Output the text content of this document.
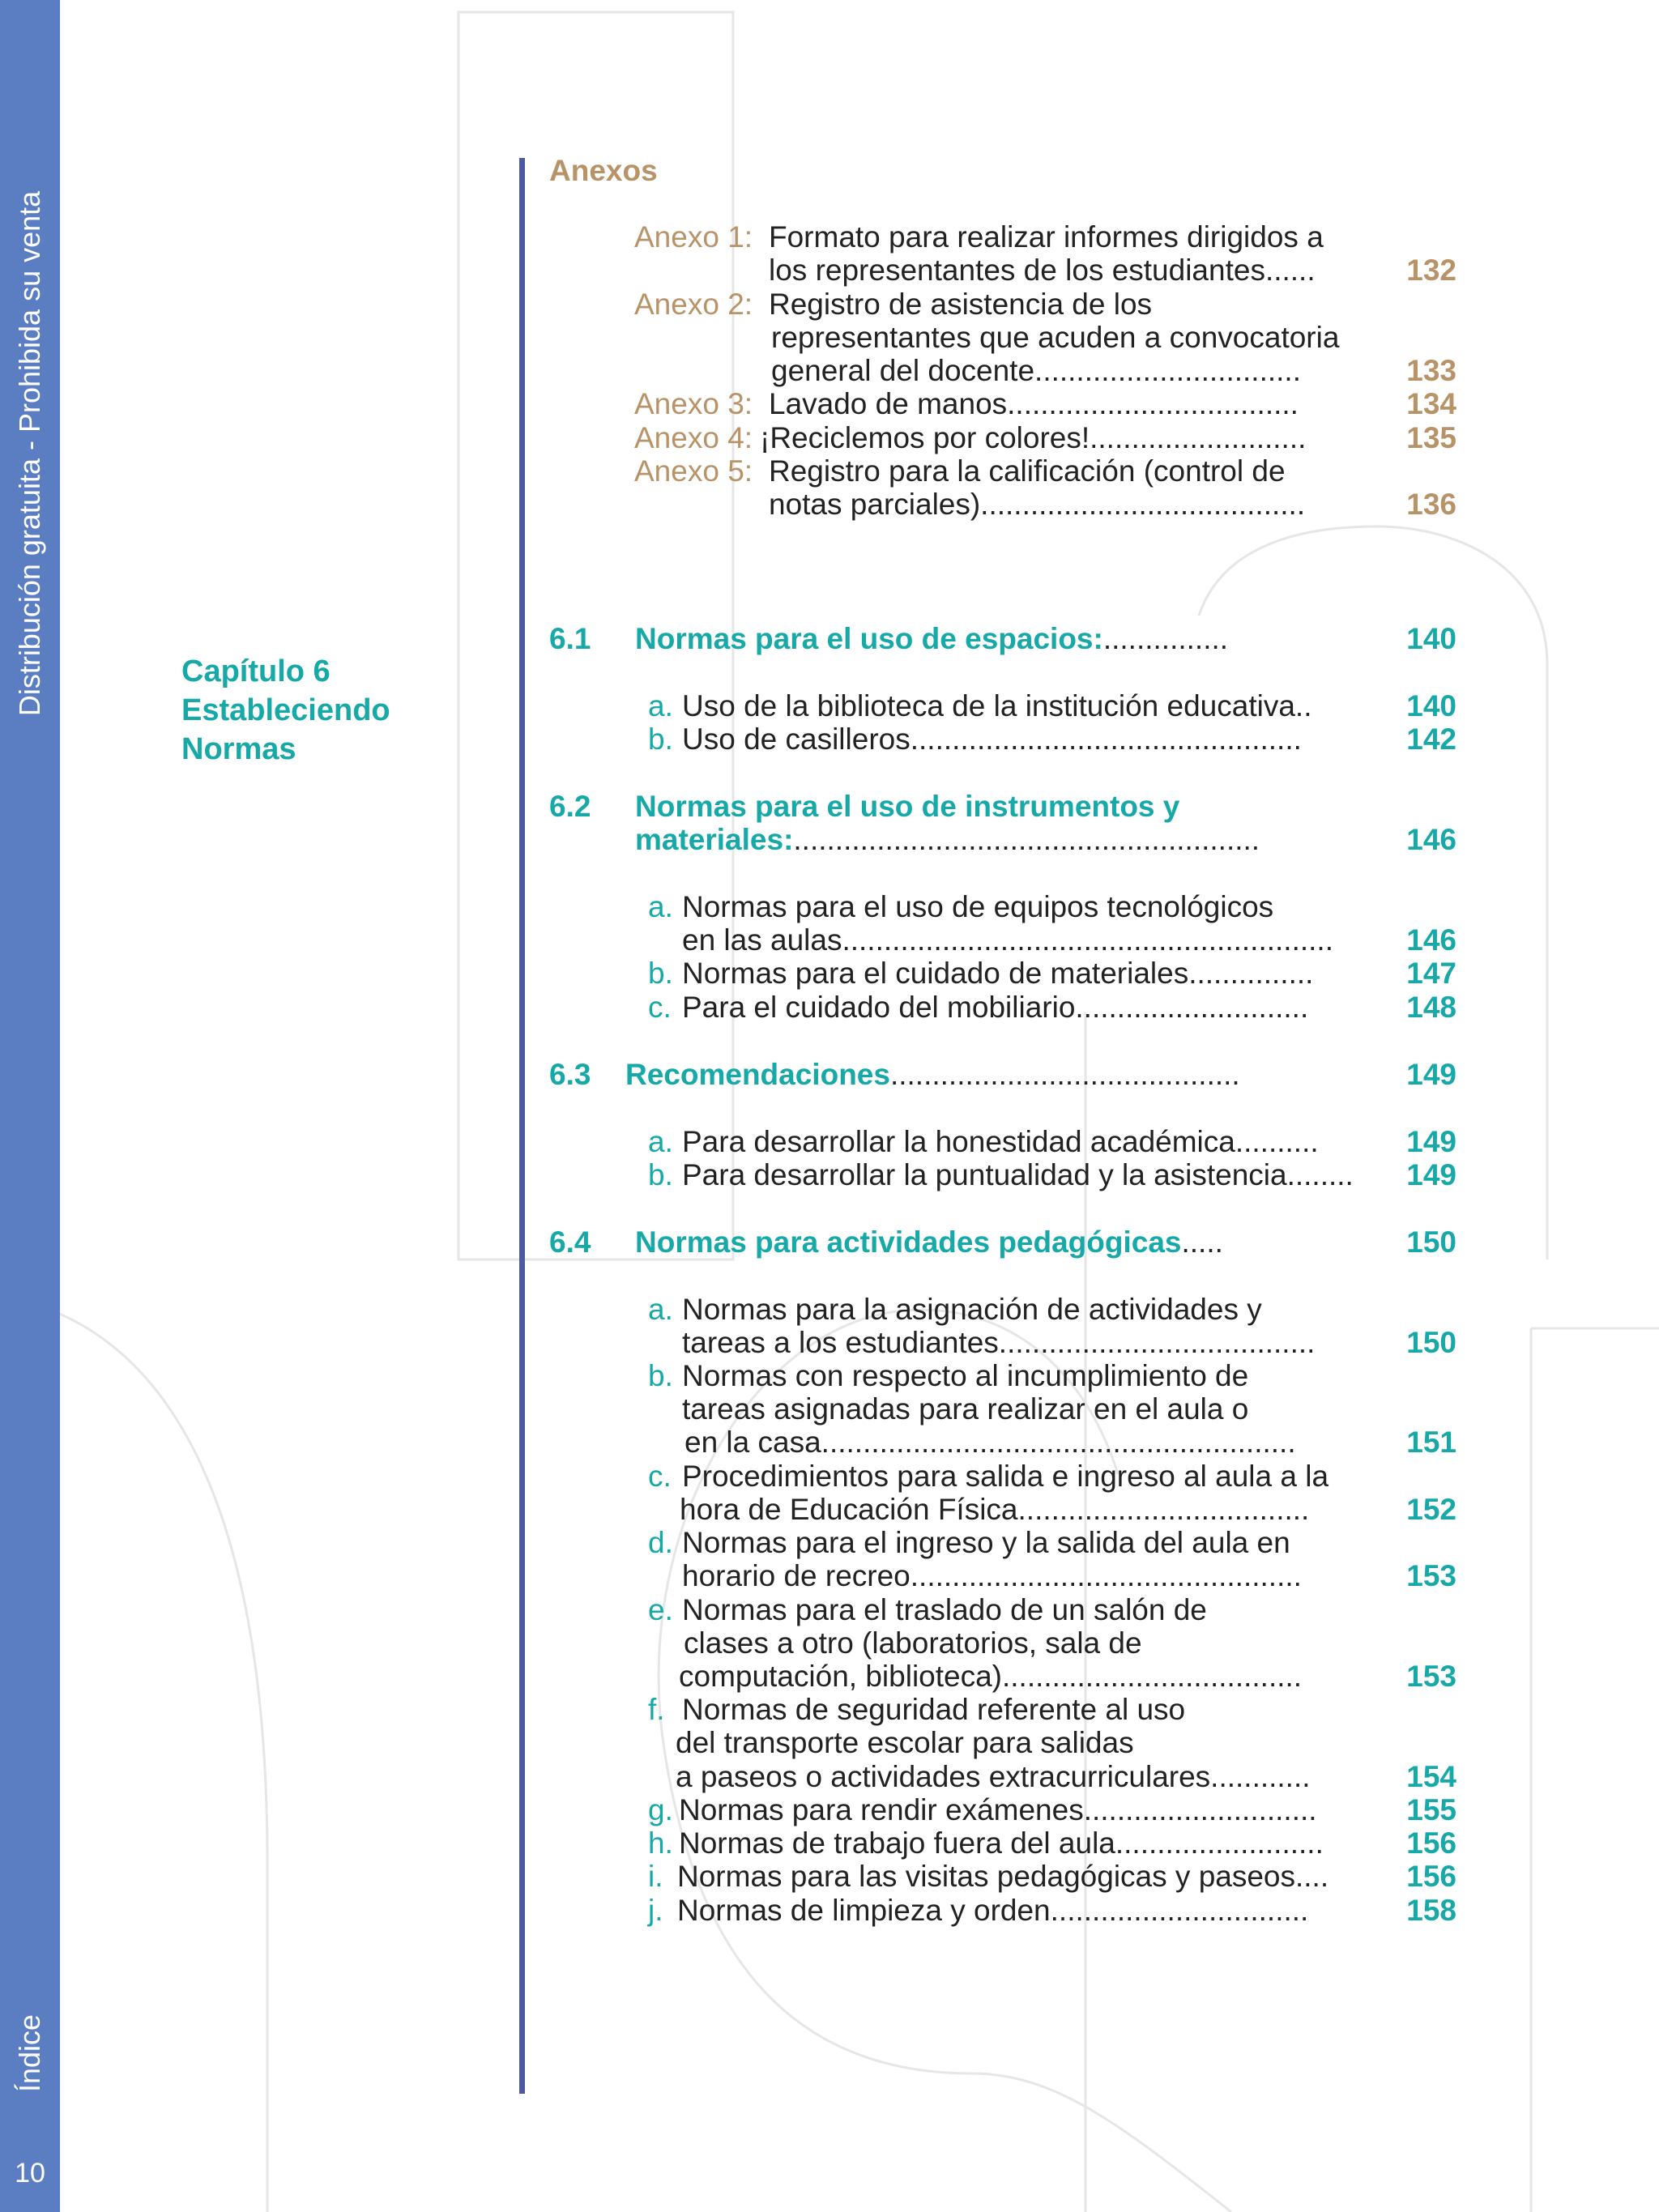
Distribución gratuita - Prohibida su venta
Índice
10
Capítulo 6
Estableciendo
Normas
Anexos
Anexo 1: Formato para realizar informes dirigidos a
los representantes de los estudiantes......	132
Anexo 2: Registro de asistencia de los
representantes que acuden a convocatoria
general del docente................................	133
Anexo 3: Lavado de manos...................................	134
Anexo 4: ¡Reciclemos por colores!..........................	135
Anexo 5: Registro para la calificación (control de
notas parciales).......................................	136
6.1 Normas para el uso de espacios:...............	140
a. Uso de la biblioteca de la institución educativa..	140
b. Uso de casilleros...............................................	142
6.2 Normas para el uso de instrumentos y
materiales:........................................................	146
a. Normas para el uso de equipos tecnológicos
en las aulas........................................................... 146
b. Normas para el cuidado de materiales...............	147
c. Para el cuidado del mobiliario............................	148
6.3 Recomendaciones..........................................	149
a. Para desarrollar la honestidad académica..........	149
b. Para desarrollar la puntualidad y la asistencia........ 149
6.4 Normas para actividades pedagógicas.....	150
a. Normas para la asignación de actividades y
tareas a los estudiantes......................................	150
b. Normas con respecto al incumplimiento de
tareas asignadas para realizar en el aula o
en la casa.........................................................	151
c. Procedimientos para salida e ingreso al aula a la
hora de Educación Física...................................	152
d. Normas para el ingreso y la salida del aula en
horario de recreo...............................................	153
e. Normas para el traslado de un salón de
clases a otro (laboratorios, sala de
computación, biblioteca)....................................	153
f. Normas de seguridad referente al uso
del transporte escolar para salidas
a paseos o actividades extracurriculares............	154
g. Normas para rendir exámenes............................	155
h. Normas de trabajo fuera del aula.........................	156
i. Normas para las visitas pedagógicas y paseos....	156
j. Normas de limpieza y orden...............................	158
